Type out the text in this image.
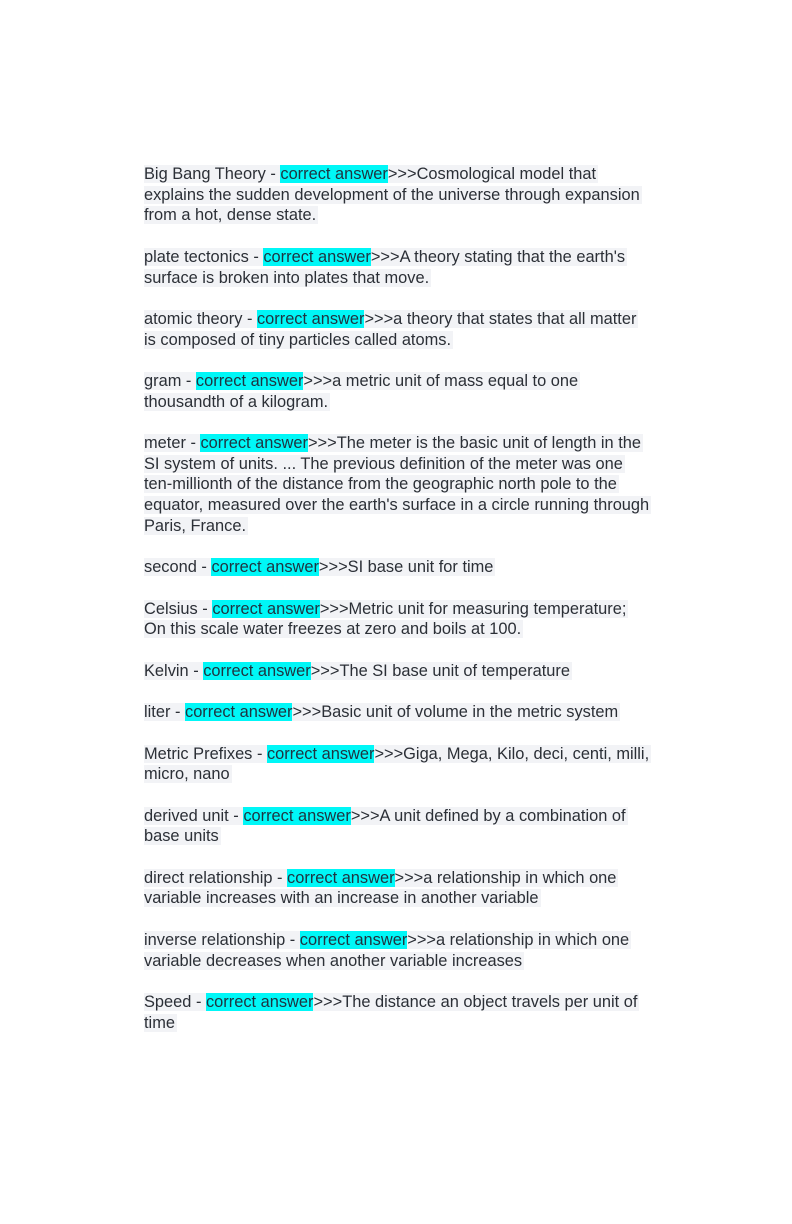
Big Bang Theory - correct answer>>>Cosmological model that explains the sudden development of the universe through expansion from a hot, dense state.

plate tectonics - correct answer>>>A theory stating that the earth's surface is broken into plates that move.

atomic theory - correct answer>>>a theory that states that all matter is composed of tiny particles called atoms.

gram - correct answer>>>a metric unit of mass equal to one thousandth of a kilogram.

meter - correct answer>>>The meter is the basic unit of length in the SI system of units. ... The previous definition of the meter was one ten-millionth of the distance from the geographic north pole to the equator, measured over the earth's surface in a circle running through Paris, France.

second - correct answer>>>SI base unit for time

Celsius - correct answer>>>Metric unit for measuring temperature; On this scale water freezes at zero and boils at 100.

Kelvin - correct answer>>>The SI base unit of temperature

liter - correct answer>>>Basic unit of volume in the metric system

Metric Prefixes - correct answer>>>Giga, Mega, Kilo, deci, centi, milli, micro, nano

derived unit - correct answer>>>A unit defined by a combination of base units

direct relationship - correct answer>>>a relationship in which one variable increases with an increase in another variable

inverse relationship - correct answer>>>a relationship in which one variable decreases when another variable increases

Speed - correct answer>>>The distance an object travels per unit of time
